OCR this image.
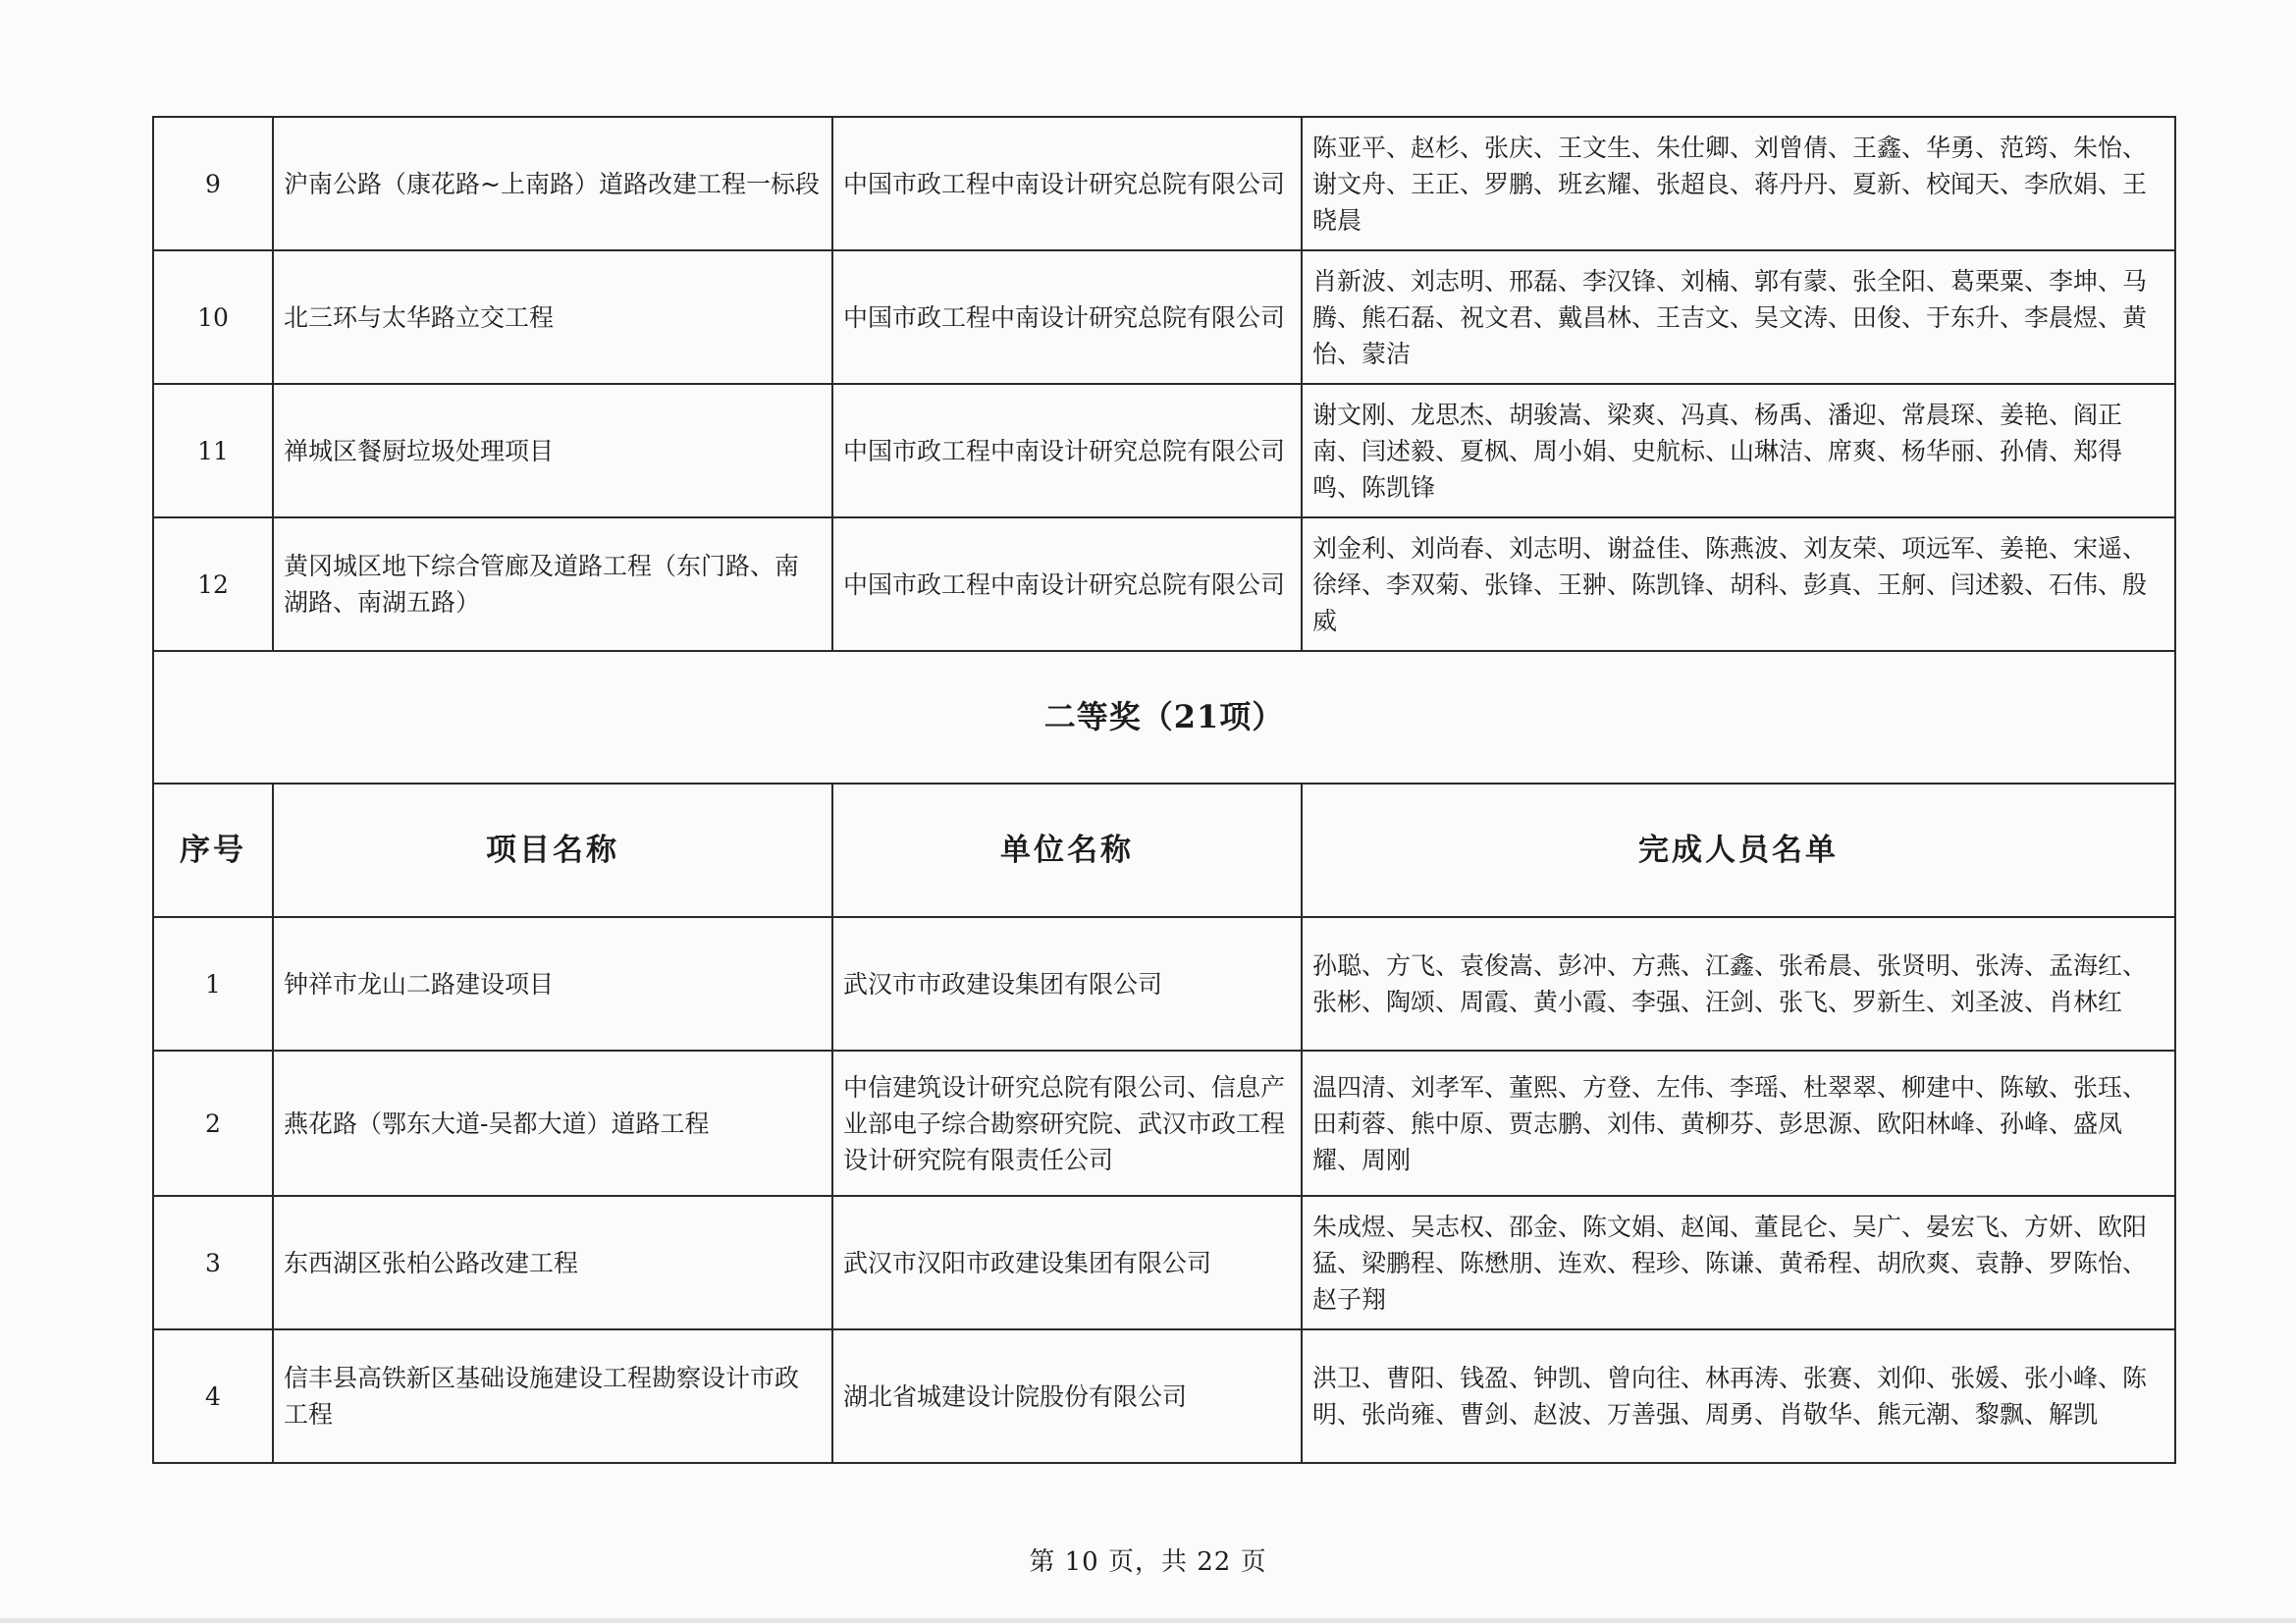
9	沪南公路（康花路~上南路）道路改建工程一标段	中国市政工程中南设计研究总院有限公司	陈亚平、赵杉、张庆、王文生、朱仕卿、刘曾倩、王鑫、华勇、范筠、朱怡、谢文舟、王正、罗鹏、班玄耀、张超良、蒋丹丹、夏新、校闻天、李欣娟、王晓晨
10	北三环与太华路立交工程	中国市政工程中南设计研究总院有限公司	肖新波、刘志明、邢磊、李汉锋、刘楠、郭有蒙、张全阳、葛栗粟、李坤、马腾、熊石磊、祝文君、戴昌林、王吉文、吴文涛、田俊、于东升、李晨煜、黄怡、蒙洁
11	禅城区餐厨垃圾处理项目	中国市政工程中南设计研究总院有限公司	谢文刚、龙思杰、胡骏嵩、梁爽、冯真、杨禹、潘迎、常晨琛、姜艳、阎正南、闫述毅、夏枫、周小娟、史航标、山琳洁、席爽、杨华丽、孙倩、郑得鸣、陈凯锋
12	黄冈城区地下综合管廊及道路工程（东门路、南湖路、南湖五路）	中国市政工程中南设计研究总院有限公司	刘金利、刘尚春、刘志明、谢益佳、陈燕波、刘友荣、项远军、姜艳、宋遥、徐绎、李双菊、张锋、王翀、陈凯锋、胡科、彭真、王舸、闫述毅、石伟、殷威
二等奖（21项）			
序号	项目名称	单位名称	完成人员名单
1	钟祥市龙山二路建设项目	武汉市市政建设集团有限公司	孙聪、方飞、袁俊嵩、彭冲、方燕、江鑫、张希晨、张贤明、张涛、孟海红、张彬、陶颂、周霞、黄小霞、李强、汪剑、张飞、罗新生、刘圣波、肖林红
2	燕花路（鄂东大道-吴都大道）道路工程	中信建筑设计研究总院有限公司、信息产业部电子综合勘察研究院、武汉市政工程设计研究院有限责任公司	温四清、刘孝军、董熙、方登、左伟、李瑶、杜翠翠、柳建中、陈敏、张珏、田莉蓉、熊中原、贾志鹏、刘伟、黄柳芬、彭思源、欧阳林峰、孙峰、盛凤耀、周刚
3	东西湖区张柏公路改建工程	武汉市汉阳市政建设集团有限公司	朱成煜、吴志权、邵金、陈文娟、赵闻、董昆仑、吴广、晏宏飞、方妍、欧阳猛、梁鹏程、陈懋朋、连欢、程珍、陈谦、黄希程、胡欣爽、袁静、罗陈怡、赵子翔
4	信丰县高铁新区基础设施建设工程勘察设计市政工程	湖北省城建设计院股份有限公司	洪卫、曹阳、钱盈、钟凯、曾向往、林再涛、张赛、刘仰、张媛、张小峰、陈明、张尚雍、曹剑、赵波、万善强、周勇、肖敬华、熊元潮、黎飘、解凯
第 10 页，共 22 页
